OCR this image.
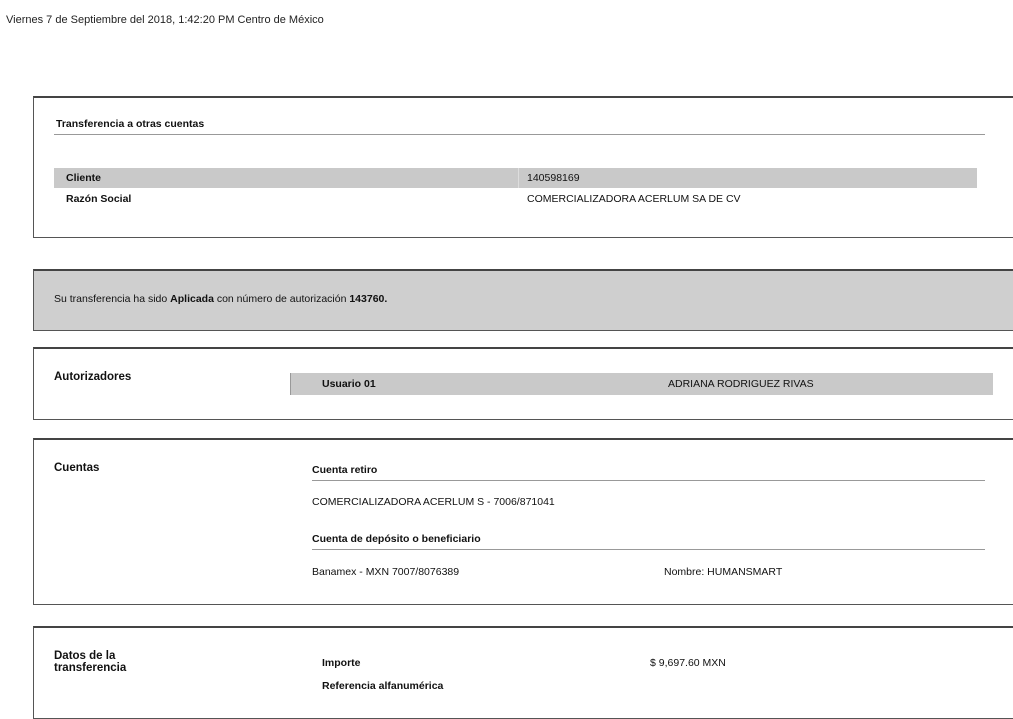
Viernes 7 de Septiembre del 2018, 1:42:20 PM Centro de México
Transferencia a otras cuentas
Cliente	140598169
Razón Social	COMERCIALIZADORA ACERLUM SA DE CV
Su transferencia ha sido Aplicada con número de autorización 143760.
Autorizadores
Usuario 01	ADRIANA RODRIGUEZ RIVAS
Cuentas	Cuenta retiro
COMERCIALIZADORA ACERLUM S - 7006/871041
Cuenta de depósito o beneficiario
Banamex - MXN 7007/8076389	Nombre: HUMANSMART
Datos de la
transferencia	Importe	$ 9,697.60 MXN
Referencia alfanumérica
